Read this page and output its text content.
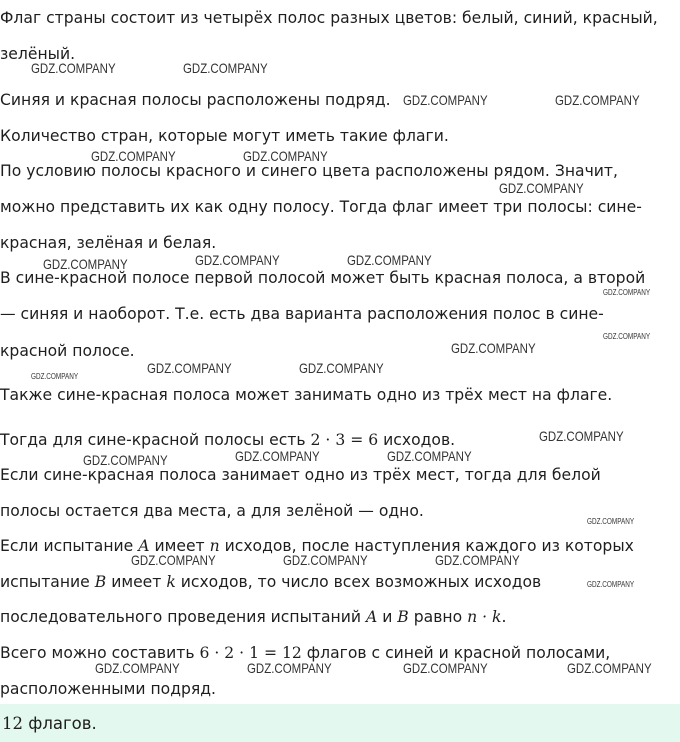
Флаг страны состоит из четырёх полос разных цветов: белый, синий, красный,
зелёный.
Синяя и красная полосы расположены подряд.
Количество стран, которые могут иметь такие флаги.
По условию полосы красного и синего цвета расположены рядом. Значит,
можно представить их как одну полосу. Тогда флаг имеет три полосы: сине-
красная, зелёная и белая.
В сине-красной полосе первой полосой может быть красная полоса, а второй
— синяя и наоборот. Т.е. есть два варианта расположения полос в сине-
красной полосе.
Также сине-красная полоса может занимать одно из трёх мест на флаге.
Тогда для сине-красной полосы есть 2 · 3 = 6 исходов.
Если сине-красная полоса занимает одно из трёх мест, тогда для белой
полосы остается два места, а для зелёной — одно.
Если испытание A имеет n исходов, после наступления каждого из которых
испытание B имеет k исходов, то число всех возможных исходов
последовательного проведения испытаний A и B равно n · k.
Всего можно составить 6 · 2 · 1 = 12 флагов с синей и красной полосами,
расположенными подряд.
12 флагов.
GDZ.COMPANY	GDZ.COMPANY
GDZ.COMPANY	GDZ.COMPANY
GDZ.COMPANY	GDZ.COMPANY
GDZ.COMPANY
GDZ.COMPANY	GDZ.COMPANY	GDZ.COMPANY
GDZ.COMPANY
GDZ.COMPANY
GDZ.COMPANY
GDZ.COMPANY	GDZ.COMPANY
GDZ.COMPANY
GDZ.COMPANY
GDZ.COMPANY	GDZ.COMPANY	GDZ.COMPANY
GDZ.COMPANY
GDZ.COMPANY	GDZ.COMPANY	GDZ.COMPANY
GDZ.COMPANY
GDZ.COMPANY	GDZ.COMPANY	GDZ.COMPANY	GDZ.COMPANY
